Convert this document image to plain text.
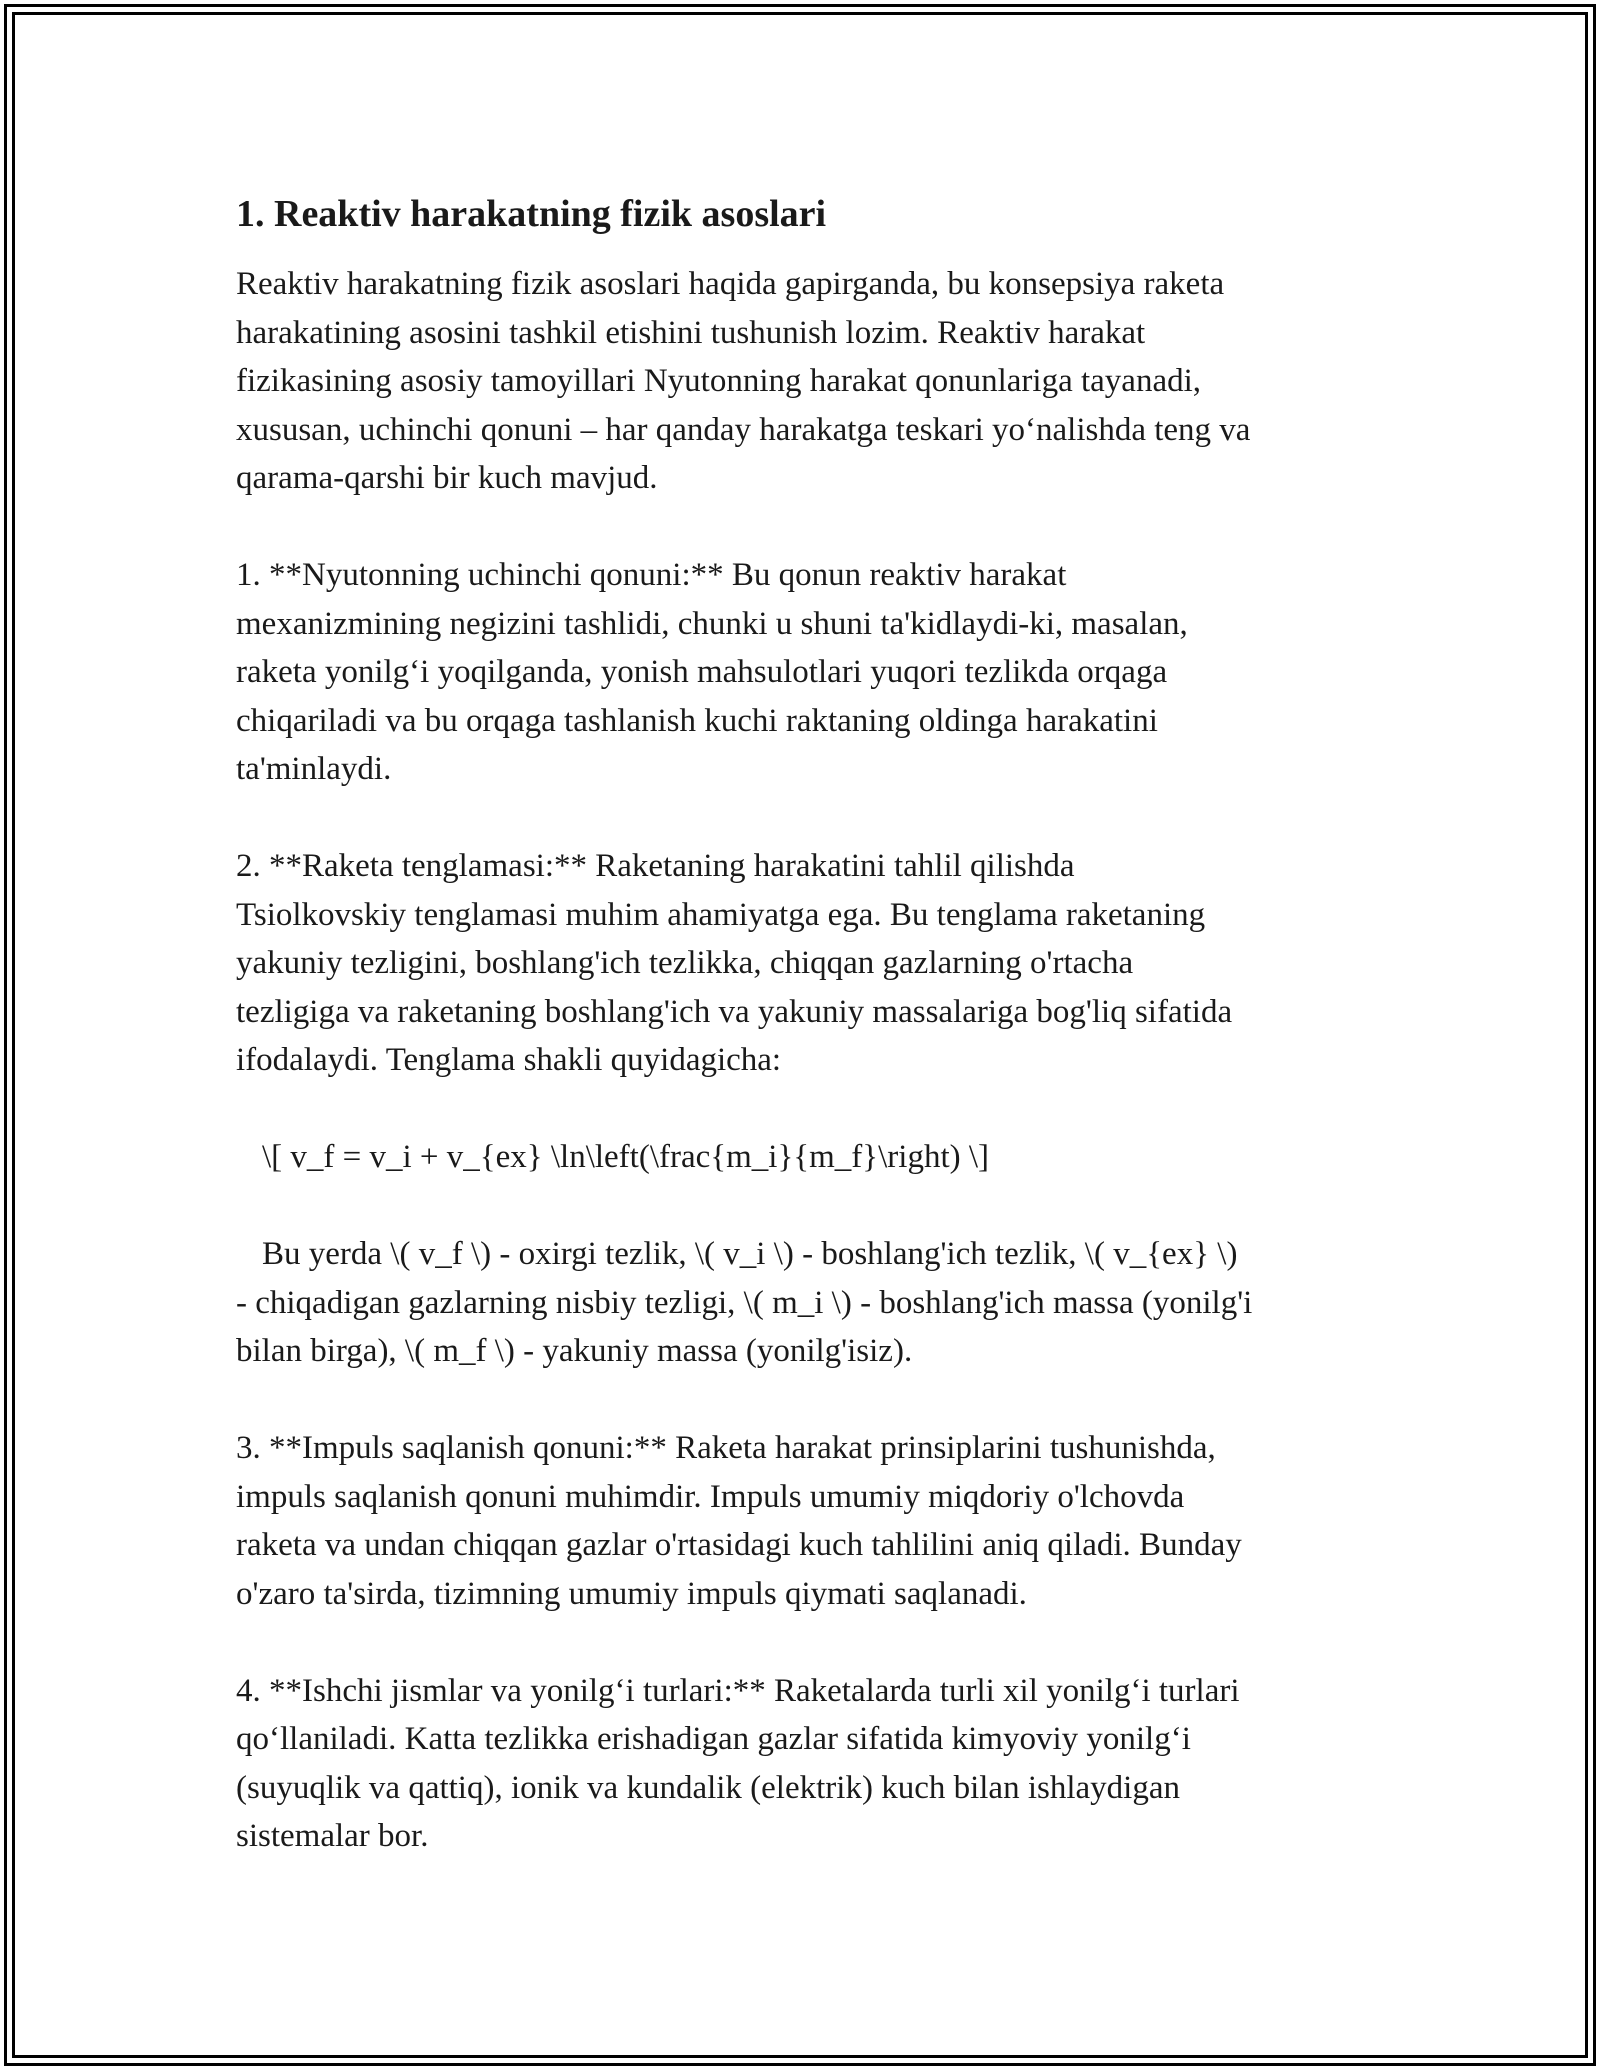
1. Reaktiv harakatning fizik asoslari
Reaktiv harakatning fizik asoslari haqida gapirganda, bu konsepsiya raketa
harakatining asosini tashkil etishini tushunish lozim. Reaktiv harakat
fizikasining asosiy tamoyillari Nyutonning harakat qonunlariga tayanadi,
xususan, uchinchi qonuni – har qanday harakatga teskari yo‘nalishda teng va
qarama-qarshi bir kuch mavjud.
1. **Nyutonning uchinchi qonuni:** Bu qonun reaktiv harakat
mexanizmining negizini tashlidi, chunki u shuni ta'kidlaydi-ki, masalan,
raketa yonilg‘i yoqilganda, yonish mahsulotlari yuqori tezlikda orqaga
chiqariladi va bu orqaga tashlanish kuchi raktaning oldinga harakatini
ta'minlaydi.
2. **Raketa tenglamasi:** Raketaning harakatini tahlil qilishda
Tsiolkovskiy tenglamasi muhim ahamiyatga ega. Bu tenglama raketaning
yakuniy tezligini, boshlang'ich tezlikka, chiqqan gazlarning o'rtacha
tezligiga va raketaning boshlang'ich va yakuniy massalariga bog'liq sifatida
ifodalaydi. Tenglama shakli quyidagicha:
\[ v_f = v_i + v_{ex} \ln\left(\frac{m_i}{m_f}\right) \]
Bu yerda \( v_f \) - oxirgi tezlik, \( v_i \) - boshlang'ich tezlik, \( v_{ex} \)
- chiqadigan gazlarning nisbiy tezligi, \( m_i \) - boshlang'ich massa (yonilg'i
bilan birga), \( m_f \) - yakuniy massa (yonilg'isiz).
3. **Impuls saqlanish qonuni:** Raketa harakat prinsiplarini tushunishda,
impuls saqlanish qonuni muhimdir. Impuls umumiy miqdoriy o'lchovda
raketa va undan chiqqan gazlar o'rtasidagi kuch tahlilini aniq qiladi. Bunday
o'zaro ta'sirda, tizimning umumiy impuls qiymati saqlanadi.
4. **Ishchi jismlar va yonilg‘i turlari:** Raketalarda turli xil yonilg‘i turlari
qo‘llaniladi. Katta tezlikka erishadigan gazlar sifatida kimyoviy yonilg‘i
(suyuqlik va qattiq), ionik va kundalik (elektrik) kuch bilan ishlaydigan
sistemalar bor.
